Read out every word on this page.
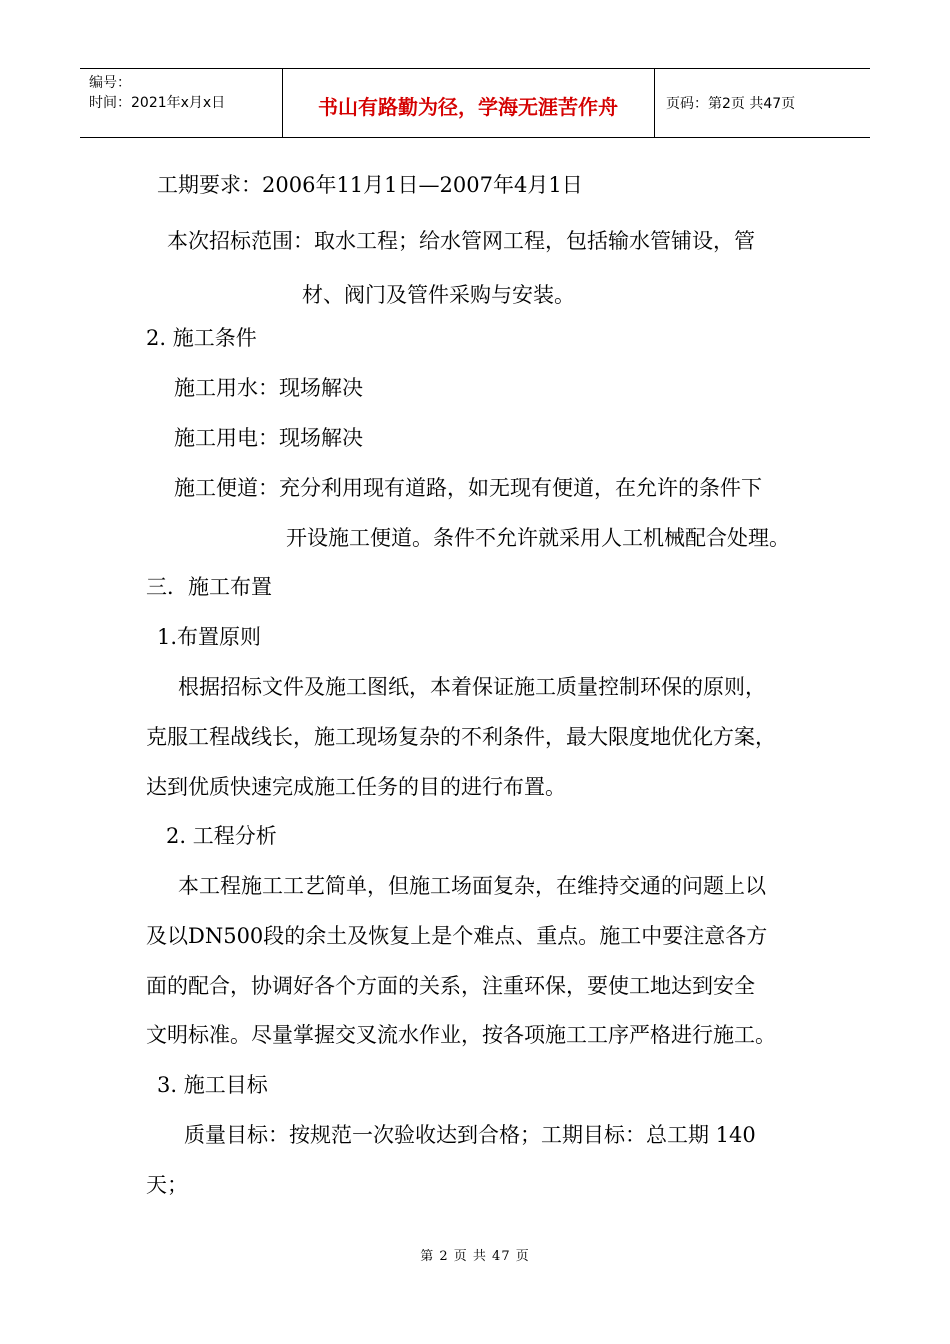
编号：
时间：2021年x月x日	书山有路勤为径，学海无涯苦作舟	页码：第2页 共47页
工期要求：2006年11月1日—2007年4月1日
本次招标范围：取水工程；给水管网工程，包括输水管铺设，管
材、阀门及管件采购与安装。
2. 施工条件
施工用水：现场解决
施工用电：现场解决
施工便道：充分利用现有道路，如无现有便道，在允许的条件下
开设施工便道。条件不允许就采用人工机械配合处理。
三．施工布置
1.布置原则
根据招标文件及施工图纸，本着保证施工质量控制环保的原则，
克服工程战线长，施工现场复杂的不利条件，最大限度地优化方案，
达到优质快速完成施工任务的目的进行布置。
2. 工程分析
本工程施工工艺简单，但施工场面复杂，在维持交通的问题上以
及以DN500段的余土及恢复上是个难点、重点。施工中要注意各方
面的配合，协调好各个方面的关系，注重环保，要使工地达到安全
文明标准。尽量掌握交叉流水作业，按各项施工工序严格进行施工。
3. 施工目标
质量目标：按规范一次验收达到合格；工期目标：总工期 140
天；
第 2 页 共 47 页
